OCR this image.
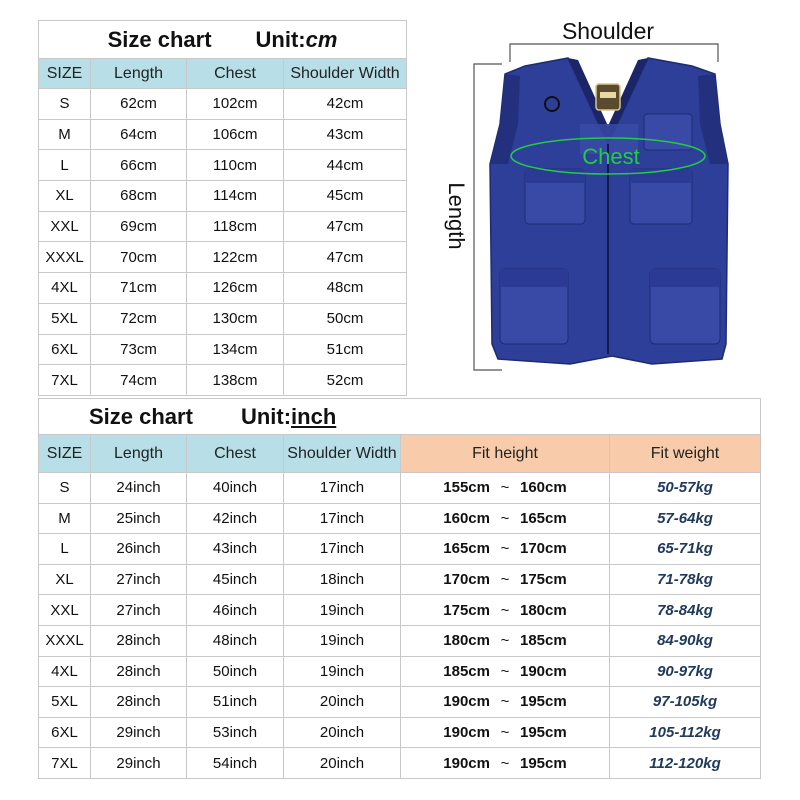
Size chart Unit:cm			
SIZE	Length	Chest	Shoulder Width
S	62cm	102cm	42cm
M	64cm	106cm	43cm
L	66cm	110cm	44cm
XL	68cm	114cm	45cm
XXL	69cm	118cm	47cm
XXXL	70cm	122cm	47cm
4XL	71cm	126cm	48cm
5XL	72cm	130cm	50cm
6XL	73cm	134cm	51cm
7XL	74cm	138cm	52cm
Shoulder
Chest
Length
Size chart Unit:inch					
SIZE	Length	Chest	Shoulder Width	Fit height	Fit weight
S	24inch	40inch	17inch	155cm ~ 160cm	50-57kg
M	25inch	42inch	17inch	160cm ~ 165cm	57-64kg
L	26inch	43inch	17inch	165cm ~ 170cm	65-71kg
XL	27inch	45inch	18inch	170cm ~ 175cm	71-78kg
XXL	27inch	46inch	19inch	175cm ~ 180cm	78-84kg
XXXL	28inch	48inch	19inch	180cm ~ 185cm	84-90kg
4XL	28inch	50inch	19inch	185cm ~ 190cm	90-97kg
5XL	28inch	51inch	20inch	190cm ~ 195cm	97-105kg
6XL	29inch	53inch	20inch	190cm ~ 195cm	105-112kg
7XL	29inch	54inch	20inch	190cm ~ 195cm	112-120kg
